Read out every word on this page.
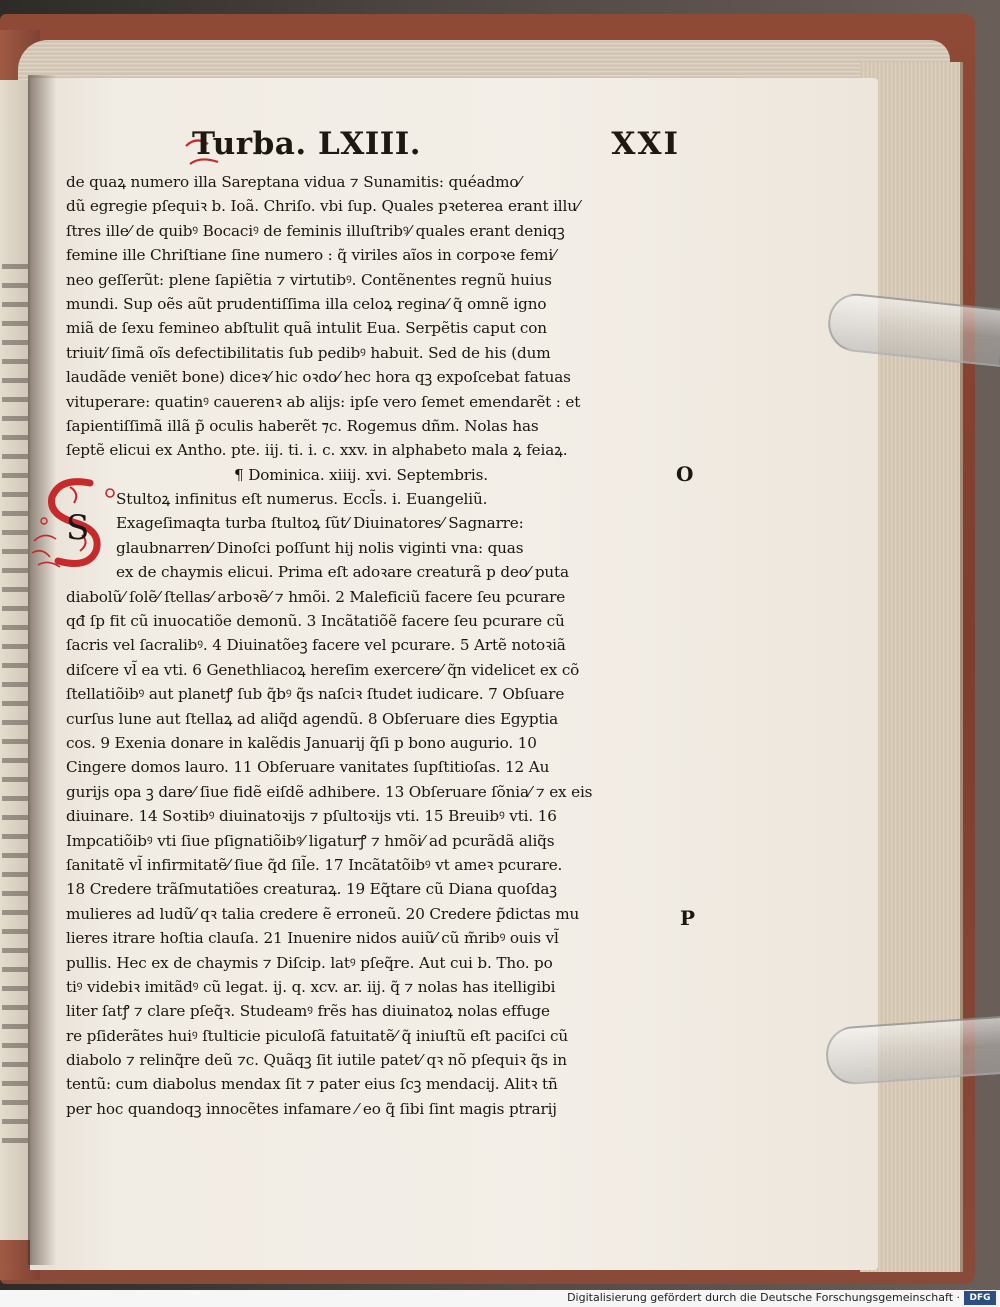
Turba. LXIII.	XXI
S
de quaꝝ numero illa Sareptana vidua ⁊ Sunamitis: quéadmo⁄
dũ egregie pſequiꝛ b. Ioã. Chriſo. vbi ſup. Quales pꝛeterea erant illu⁄
ſtres ille⁄ de quibꝰ Bocaciꝰ de feminis illuſtribꝰ⁄ quales erant deniqꝫ
femine ille Chriſtiane ſine numero : q̃ viriles aĩos in corpoꝛe femi⁄
neo geſſerũt: plene ſapiẽtia ⁊ virtutibꝰ. Contẽnentes regnũ huius
mundi. Sup oẽs aũt prudentiſſima illa celoꝝ regina⁄ q̃ omnẽ igno
miã de ſexu femineo abſtulit quã intulit Eua. Serpẽtis caput con
triuit⁄ ſimã oĩs defectibilitatis ſub pedibꝰ habuit. Sed de his (dum
laudãde veniẽt bone) diceꝛ⁄ hic oꝛdo⁄ hec hora qꝫ expoſcebat fatuas
vituperare: quatinꝰ cauerenꝛ ab alijs: ipſe vero ſemet emendarẽt : et
ſapientiſſimã illã p̃ oculis haberẽt ⁊c. Rogemus dñm. Nolas has
ſeptẽ elicui ex Antho. pte. iij. ti. i. c. xxv. in alphabeto mala ꝝ feiaꝝ.
¶ Dominica. xiiij. xvi. Septembris.
Stultoꝝ infinitus eſt numerus. Eccl̃s. i. Euangeliũ.
Exageſimaqta turba ſtultoꝝ ſũt⁄ Diuinatores⁄ Sagnarre:
glaubnarren⁄ Dinoſci poſſunt hij nolis viginti vna: quas
ex de chaymis elicui. Prima eſt adoꝛare creaturã p deo⁄ puta
diabolũ⁄ ſolẽ⁄ ſtellas⁄ arboꝛẽ⁄ ⁊ hmõi. 2 Maleficiũ facere ſeu pcurare
qđ ſp fit cũ inuocatiõe demonũ. 3 Incãtatiõẽ facere ſeu pcurare cũ
ſacris vel ſacralibꝰ. 4 Diuinatõeꝫ facere vel pcurare. 5 Artẽ notoꝛiã
diſcere vl̃ ea vti. 6 Genethliacoꝝ hereſim exercere⁄ q̃n videlicet ex cõ
ſtellatiõibꝰ aut planetꝭ ſub q̃bꝰ q̃s naſciꝛ ſtudet iudicare. 7 Obſuare
curſus lune aut ſtellaꝝ ad aliq̃d agendũ. 8 Obſeruare dies Egyptia
cos. 9 Exenia donare in kalẽdis Januarij q̃ſi p bono augurio. 10
Cingere domos lauro. 11 Obſeruare vanitates ſupſtitioſas. 12 Au
gurijs opa ꝫ dare⁄ ſiue fidẽ eiſdẽ adhibere. 13 Obſeruare ſõnia⁄ ⁊ ex eis
diuinare. 14 Soꝛtibꝰ diuinatoꝛijs ⁊ pſultoꝛijs vti. 15 Breuibꝰ vti. 16
Impcatiõibꝰ vti ſiue pſignatiõibꝰ⁄ ligaturꝭ ⁊ hmõi⁄ ad pcurãdã aliq̃s
ſanitatẽ vl̃ infirmitatẽ⁄ ſiue q̃d ſil̃e. 17 Incãtatõibꝰ vt ameꝛ pcurare.
18 Credere trãſmutatiões creaturaꝝ. 19 Eq̃tare cũ Diana quoſdaꝫ
mulieres ad ludũ⁄ qꝛ talia credere ẽ erroneũ. 20 Credere p̃dictas mu
lieres itrare hoſtia clauſa. 21 Inuenire nidos auiũ⁄ cũ m̃ribꝰ ouis vl̃
pullis. Hec ex de chaymis ⁊ Diſcip. latꝰ pſeq̃re. Aut cui b. Tho. po
tiꝰ videbiꝛ imitãdꝰ cũ legat. ij. q. xcv. ar. iij. q̃ ⁊ nolas has itelligibi
liter ſatꝭ ⁊ clare pſeq̃ꝛ. Studeamꝰ frẽs has diuinatoꝝ nolas effuge
re pſiderãtes huiꝰ ſtulticie piculoſã fatuitatẽ⁄ q̃ iniuſtũ eſt paciſci cũ
diabolo ⁊ relinq̃re deũ ⁊c. Quãqꝫ ſit iutile patet⁄ qꝛ nõ pſequiꝛ q̃s in
tentũ: cum diabolus mendax ſit ⁊ pater eius ſcꝫ mendacij. Alitꝛ tñ
per hoc quandoqꝫ innocẽtes infamare ⁄ eo q̃ ſibi ſint magis ptrarij
O
P
Digitalisierung gefördert durch die Deutsche Forschungsgemeinschaft ·	DFG
